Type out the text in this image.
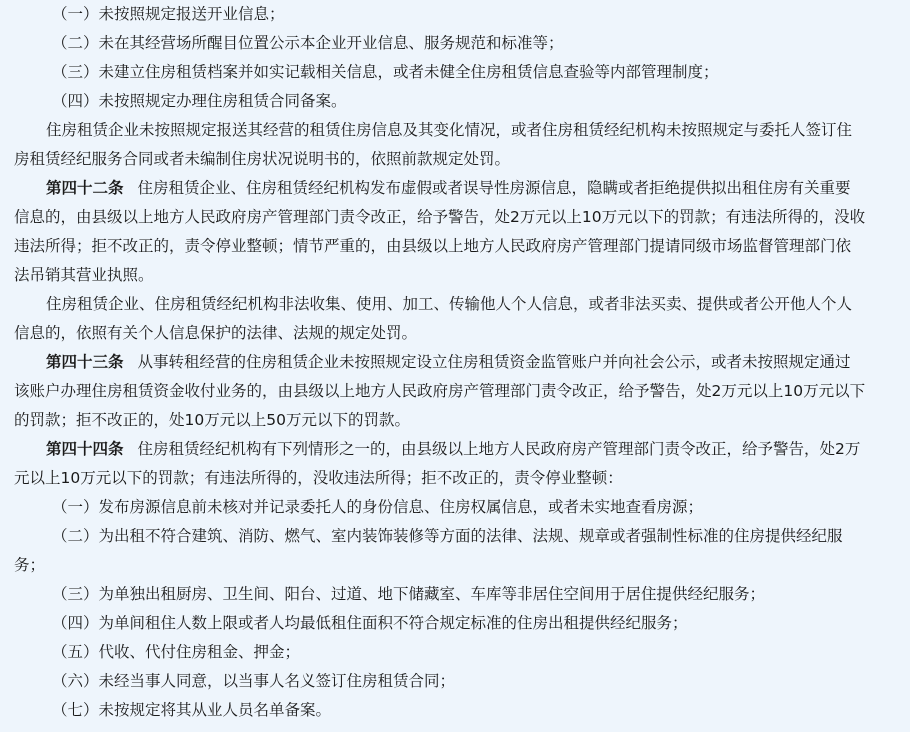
（一）未按照规定报送开业信息；
（二）未在其经营场所醒目位置公示本企业开业信息、服务规范和标准等；
（三）未建立住房租赁档案并如实记载相关信息，或者未健全住房租赁信息查验等内部管理制度；
（四）未按照规定办理住房租赁合同备案。
住房租赁企业未按照规定报送其经营的租赁住房信息及其变化情况，或者住房租赁经纪机构未按照规定与委托人签订住
房租赁经纪服务合同或者未编制住房状况说明书的，依照前款规定处罚。
第四十二条 住房租赁企业、住房租赁经纪机构发布虚假或者误导性房源信息，隐瞒或者拒绝提供拟出租住房有关重要
信息的，由县级以上地方人民政府房产管理部门责令改正，给予警告，处2万元以上10万元以下的罚款；有违法所得的，没收
违法所得；拒不改正的，责令停业整顿；情节严重的，由县级以上地方人民政府房产管理部门提请同级市场监督管理部门依
法吊销其营业执照。
住房租赁企业、住房租赁经纪机构非法收集、使用、加工、传输他人个人信息，或者非法买卖、提供或者公开他人个人
信息的，依照有关个人信息保护的法律、法规的规定处罚。
第四十三条 从事转租经营的住房租赁企业未按照规定设立住房租赁资金监管账户并向社会公示，或者未按照规定通过
该账户办理住房租赁资金收付业务的，由县级以上地方人民政府房产管理部门责令改正，给予警告，处2万元以上10万元以下
的罚款；拒不改正的，处10万元以上50万元以下的罚款。
第四十四条 住房租赁经纪机构有下列情形之一的，由县级以上地方人民政府房产管理部门责令改正，给予警告，处2万
元以上10万元以下的罚款；有违法所得的，没收违法所得；拒不改正的，责令停业整顿：
（一）发布房源信息前未核对并记录委托人的身份信息、住房权属信息，或者未实地查看房源；
（二）为出租不符合建筑、消防、燃气、室内装饰装修等方面的法律、法规、规章或者强制性标准的住房提供经纪服
务；
（三）为单独出租厨房、卫生间、阳台、过道、地下储藏室、车库等非居住空间用于居住提供经纪服务；
（四）为单间租住人数上限或者人均最低租住面积不符合规定标准的住房出租提供经纪服务；
（五）代收、代付住房租金、押金；
（六）未经当事人同意，以当事人名义签订住房租赁合同；
（七）未按规定将其从业人员名单备案。
